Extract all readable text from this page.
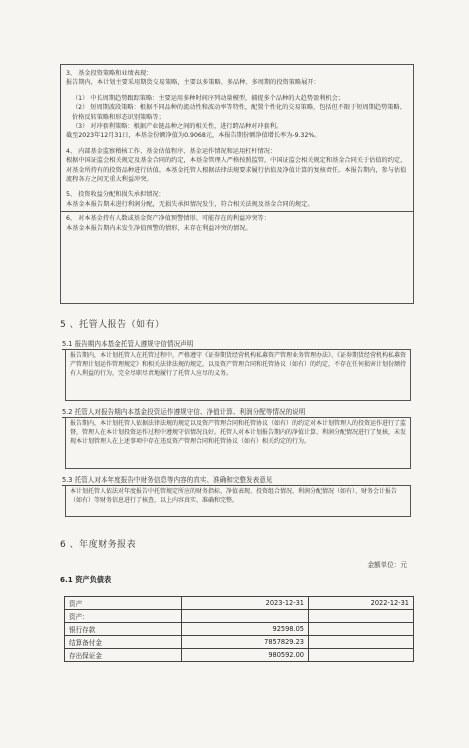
3、 基金投资策略和业绩表现：

报告期内，本计划主要采用期货交易策略，主要以多策略、多品种、多周期的投资策略展开：

（1） 中长周期趋势跟踪策略：主要运用多种时间序列动量模型，捕捉多个品种的大趋势盈利机会；

（2） 短周期波段策略：根据不同品种的流动性和波动率等特性，配置个性化的交易策略，包括但不限于短周期趋势策略、价格反转策略和形态识别策略等；

（3） 对冲套利策略：根据产业链品种之间的相关性，进行跨品种对冲套利。

截至2023年12月31日，本基金份额净值为0.9068元，本报告期份额净值增长率为-9.32%。

4、 内部基金监察稽核工作、基金估值程序、基金运作情况和运用杠杆情况：

根据中国证监会相关规定及基金合同的约定，本基金管理人严格按照监管，中国证监会相关规定和基金合同关于估值的约定，对基金所持有的投资品种进行估值。本基金托管人根据法律法规要求履行估值及净值计算的复核责任。本报告期内，参与估值流程各方之间无重大利益冲突。

5、 投资收益分配和损失承担情况：

本基金本报告期未进行利润分配，无损失承担情况发生，符合相关法规及基金合同的规定。

6、 对本基金持有人数或基金资产净值预警情形、可能存在的利益冲突等：

本基金本报告期内未发生净值预警的情形，未存在利益冲突的情况。

5 、托管人报告（如有）
5.1 报告期内本基金托管人遵规守信情况声明
报告期内，本计划托管人在托管过程中，严格遵守《证券期货经营机构私募资产管理业务管理办法》、《证券期货经营机构私募资产管理计划运作管理规定》和相关法律法规的规定，以及资产管理合同和托管协议（如有）的约定，不存在任何损害计划份额持有人利益的行为，完全尽职尽责地履行了托管人应尽的义务。
5.2 托管人对报告期内本基金投资运作遵规守信、净值计算、利润分配等情况的说明
报告期内，本计划托管人依据法律法规的规定以及资产管理合同和托管协议（如有）的约定对本计划管理人的投资运作进行了监督，管理人在本计划投资运作过程中遵规守信情况良好。托管人对本计划报告期内的净值计算、利润分配情况进行了复核，未发现本计划管理人在上述事项中存在违反资产管理合同和托管协议（如有）相关约定的行为。
5.3 托管人对本年度报告中财务信息等内容的真实、准确和完整发表意见
本计划托管人依法对年度报告中托管规定所应的财务指标、净值表现、投资组合情况、利润分配情况（如有）、财务会计报告（如有）等财务信息进行了核查，以上内容真实、准确和完整。
6 、年度财务报表
金额单位：元
6.1 资产负债表
资产	2023-12-31	2022-12-31
资产：		
银行存款	92598.05	
结算备付金	7857829.23	
存出保证金	980592.00	
